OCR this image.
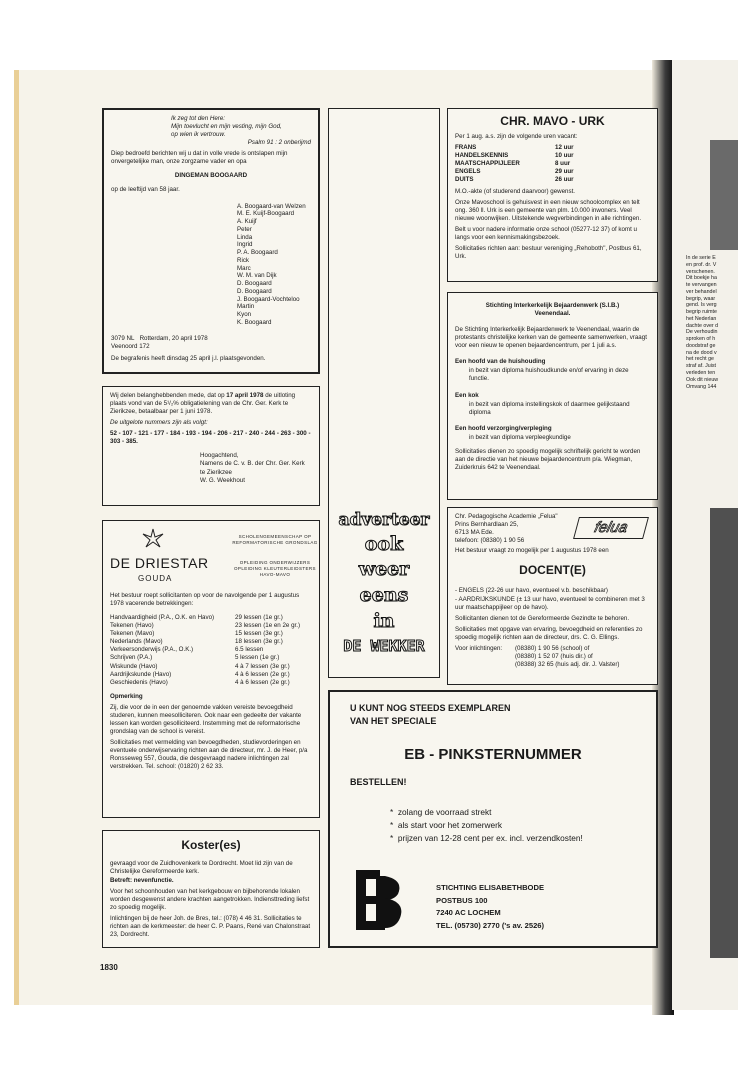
In de serie E
en prof. dr. V
verschenen.
Dit boekje ha
te vervangen
ver behandel
begrip, waar
gend. Is verg
begrip ruimte
het Nederlan
dachte over d
De verhoudin
sproken of h
doodstraf ge
na de dood v
het recht ge
straf af. Juist
verleden ten
Ook dit nieuw
Omvang 144
Ik zeg tot den Here:
Mijn toevlucht en mijn vesting, mijn God,
op wien ik vertrouw.
Psalm 91 : 2 onberijmd

Diep bedroefd berichten wij u dat in volle vrede is ontslapen mijn onvergetelijke man, onze zorgzame vader en opa

DINGEMAN BOOGAARD

op de leeftijd van 58 jaar.

A. Boogaard-van Welzen
M. E. Kuijf-Boogaard
A. Kuijf
Peter
Linda
Ingrid
P. A. Boogaard
Rick
Marc
W. M. van Dijk
D. Boogaard
D. Boogaard
J. Boogaard-Vochteloo
Martin
Kyon
K. Boogaard
3079 NL Rotterdam, 20 april 1978
Veenoord 172

De begrafenis heeft dinsdag 25 april j.l. plaatsgevonden.

Wij delen belanghebbenden mede, dat op 17 april 1978 de uitloting plaats vond van de 5¹/₂% obligatielening van de Chr. Ger. Kerk te Zierikzee, betaalbaar per 1 juni 1978.

De uitgelote nummers zijn als volgt:

52 - 107 - 121 - 177 - 184 - 193 - 194 - 206 - 217 - 240 - 244 - 263 - 300 - 303 - 385.

Hoogachtend,
Namens de C. v. B. der Chr. Ger. Kerk
te Zierikzee
W. G. Weekhout
DE DRIESTAR
GOUDA
SCHOLENGEMEENSCHAP OP REFORMATORISCHE GRONDSLAG
OPLEIDING ONDERWIJZERS OPLEIDING KLEUTERLEIDSTERS HAVO-MAVO

Het bestuur roept sollicitanten op voor de navolgende per 1 augustus 1978 vacerende betrekkingen:

Handvaardigheid (P.A., O.K. en Havo)	29 lessen (1e gr.)
Tekenen (Havo)	23 lessen (1e en 2e gr.)
Tekenen (Mavo)	15 lessen (3e gr.)
Nederlands (Mavo)	18 lessen (3e gr.)
Verkeersonderwijs (P.A., O.K.)	6.5 lessen
Schrijven (P.A.)	5 lessen (1e gr.)
Wiskunde (Havo)	4 à 7 lessen (3e gr.)
Aardrijkskunde (Havo)	4 à 6 lessen (2e gr.)
Geschiedenis (Havo)	4 à 6 lessen (2e gr.)

Opmerking

Zij, die voor de in een der genoemde vakken vereiste bevoegdheid studeren, kunnen meesolliciteren. Ook naar een gedeelte der vakante lessen kan worden gesolliciteerd. Instemming met de reformatorische grondslag van de school is vereist.

Sollicitaties met vermelding van bevoegdheden, studievorderingen en eventuele onderwijservaring richten aan de directeur, mr. J. de Heer, p/a Ronsseweg 557, Gouda, die desgevraagd nadere inlichtingen zal verstrekken. Tel. school: (01820) 2 62 33.

Koster(es)

gevraagd voor de Zuidhovenkerk te Dordrecht. Moet lid zijn van de Christelijke Gereformeerde kerk.

Betreft: nevenfunctie.

Voor het schoonhouden van het kerkgebouw en bijbehorende lokalen worden desgewenst andere krachten aangetrokken. Indiensttreding liefst zo spoedig mogelijk.

Inlichtingen bij de heer Joh. de Bres, tel.: (078) 4 46 31. Sollicitaties te richten aan de kerkmeester: de heer C. P. Paans, René van Chalonstraat 23, Dordrecht.

adverteer
ook
weer
eens
in
DE WEKKER
CHR. MAVO - URK

Per 1 aug. a.s. zijn de volgende uren vacant:

FRANS	12 uur
HANDELSKENNIS	10 uur
MAATSCHAPPIJLEER	8 uur
ENGELS	29 uur
DUITS	26 uur

M.O.-akte (of studerend daarvoor) gewenst.

Onze Mavoschool is gehuisvest in een nieuw schoolcomplex en telt ong. 360 ll. Urk is een gemeente van plm. 10.000 inwoners. Veel nieuwe woonwijken. Uitstekende wegverbindingen in alle richtingen.

Belt u voor nadere informatie onze school (05277-12 37) of komt u langs voor een kennismakingsbezoek.

Sollicitaties richten aan: bestuur vereniging „Rehoboth", Postbus 61, Urk.

Stichting Interkerkelijk Bejaardenwerk (S.I.B.) Veenendaal.

De Stichting Interkerkelijk Bejaardenwerk te Veenendaal, waarin de protestants christelijke kerken van de gemeente samenwerken, vraagt voor een nieuw te openen bejaardencentrum, per 1 juli a.s.

Een hoofd van de huishouding

in bezit van diploma huishoudkunde en/of ervaring in deze functie.

Een kok

in bezit van diploma instellingskok of daarmee gelijkstaand diploma

Een hoofd verzorging/verpleging

in bezit van diploma verpleegkundige

Sollicitaties dienen zo spoedig mogelijk schriftelijk gericht te worden aan de directie van het nieuwe bejaardencentrum p/a. Wiegman, Zuiderkruis 642 te Veenendaal.

Chr. Pedagogische Academie „Felua"
Prins Bernhardlaan 25,
6713 MA Ede.
telefoon: (08380) 1 90 56
felua

Het bestuur vraagt zo mogelijk per 1 augustus 1978 een

DOCENT(E)

- ENGELS (22-26 uur havo, eventueel v.b. beschikbaar)

- AARDRIJKSKUNDE (± 13 uur havo, eventueel te combineren met 3 uur maatschappijleer op de havo).

Sollicitanten dienen tot de Gereformeerde Gezindte te behoren.

Sollicitaties met opgave van ervaring, bevoegdheid en referenties zo spoedig mogelijk richten aan de directeur, drs. C. G. Ellings.

Voor inlichtingen:	(08380) 1 90 56 (school) of
(08380) 1 52 07 (huis dir.) of
(08388) 32 65 (huis adj. dir. J. Valster)
U KUNT NOG STEEDS EXEMPLAREN
VAN HET SPECIALE
EB - PINKSTERNUMMER
BESTELLEN!
*  zolang de voorraad strekt
*  als start voor het zomerwerk
*  prijzen van 12-28 cent per ex. incl. verzendkosten!
STICHTING ELISABETHBODE
POSTBUS 100
7240 AC LOCHEM
TEL. (05730) 2770 ('s av. 2526)
1830
